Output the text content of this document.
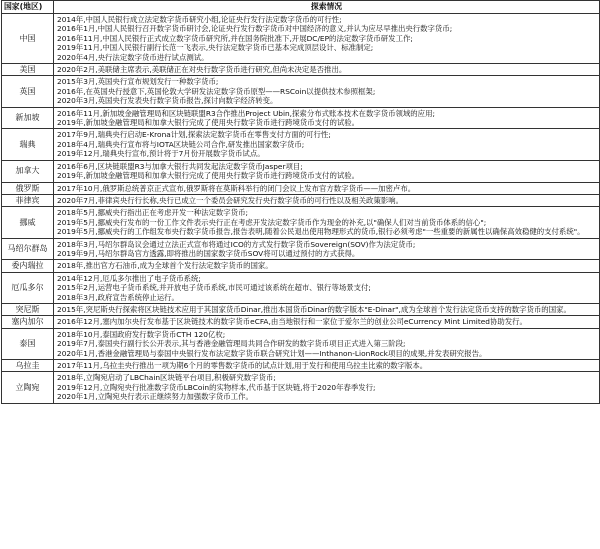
国家(地区)	探索情况
中国	2014年,中国人民银行成立法定数字货币研究小组,论证央行发行法定数字货币的可行性;
2016年1月,中国人民银行召开数字货币研讨会,论证央行发行数字货币对中国经济的意义,并认为应尽早推出央行数字货币;
2016年11月,中国人民银行正式成立数字货币研究所,并在国务院批准下,开展DC/EP的法定数字货币研发工作;
2019年11月,中国人民银行副行长范一飞表示,央行法定数字货币已基本完成顶层设计、标准制定;
2020年4月,央行法定数字货币进行试点测试。

美国	2020年2月,美联储主席表示,美联储正在对央行数字货币进行研究,但尚未决定是否推出。

英国	2015年3月,英国央行宣布规划发行一种数字货币;
2016年,在英国央行授意下,英国伦敦大学研发法定数字货币原型——RSCoin以提供技术参照框架;
2020年3月,英国央行发表央行数字货币报告,探讨向数字经济转变。

新加坡	2016年11月,新加坡金融管理局和区块链联盟R3合作推出Project Ubin,探索分布式账本技术在数字货币领域的应用;
2019年,新加坡金融管理局和加拿大银行完成了使用央行数字货币进行跨境货币支付的试验。

瑞典	2017年9月,瑞典央行启动E-Krona计划,探索法定数字货币在零售支付方面的可行性;
2018年4月,瑞典央行宣布将与IOTA区块链公司合作,研发推出国家数字货币;
2019年12月,瑞典央行宣布,预计将于7月份开展数字货币试点。

加拿大	2016年6月,区块链联盟R3与加拿大银行共同发起法定数字货币Jasper项目;
2019年,新加坡金融管理局和加拿大银行完成了使用央行数字货币进行跨境货币支付的试验。

俄罗斯	2017年10月,俄罗斯总统普京正式宣布,俄罗斯将在莫斯科举行的闭门会议上发布官方数字货币——加密卢布。

菲律宾	2020年7月,菲律宾央行行长称,央行已成立一个委员会研究发行央行数字货币的可行性以及相关政策影响。

挪威	2018年5月,挪威央行指出正在考虑开发一种法定数字货币;
2019年5月,挪威央行发布的一份工作文件表示央行正在考虑开发法定数字货币作为现金的补充,以"确保人们对当前货币体系的信心";
2019年5月,挪威央行的工作组发布央行数字货币报告,报告表明,随着公民退出使用物理形式的货币,银行必须考虑"一些重要的新属性以确保高效稳健的支付系统"。

马绍尔群岛	2018年3月,马绍尔群岛议会通过立法正式宣布将通过ICO的方式发行数字货币Sovereign(SOV)作为法定货币;
2019年9月,马绍尔群岛官方透露,即将推出的国家数字货币SOV将可以通过预付的方式获得。

委内瑞拉	2018年,推出官方石油币,成为全球首个发行法定数字货币的国家。

厄瓜多尔	2014年12月,厄瓜多尔推出了电子货币系统;
2015年2月,运营电子货币系统,并开放电子货币系统,市民可通过该系统在超市、银行等场景支付;
2018年3月,政府宣告系统停止运行。

突尼斯	2015年,突尼斯央行探索将区块链技术应用于其国家货币Dinar,推出本国货币Dinar的数字版本"E-Dinar",成为全球首个发行法定货币支持的数字货币的国家。

塞内加尔	2016年12月,塞内加尔央行发布基于区块链技术的数字货币eCFA,由当地银行和一家位于爱尔兰的创业公司eCurrency Mint Limited协助发行。

泰国	2018年10月,泰国政府发行数字货币CTH 120亿枚;
2019年7月,泰国央行副行长公开表示,其与香港金融管理局共同合作研发的数字货币项目正式进入第三阶段;
2020年1月,香港金融管理局与泰国中央银行发布法定数字货币联合研究计划——Inthanon-LionRock项目的成果,并发表研究报告。

乌拉圭	2017年11月,乌拉圭央行推出一项为期6个月的零售数字货币的试点计划,用于发行和使用乌拉圭比索的数字版本。

立陶宛	2018年,立陶宛启动了LBChain区块链平台项目,积极研究数字货币;
2019年12月,立陶宛央行批准数字货币LBCoin的实物样本,代币基于区块链,将于2020年春季发行;
2020年1月,立陶宛央行表示正继续努力加强数字货币工作。
